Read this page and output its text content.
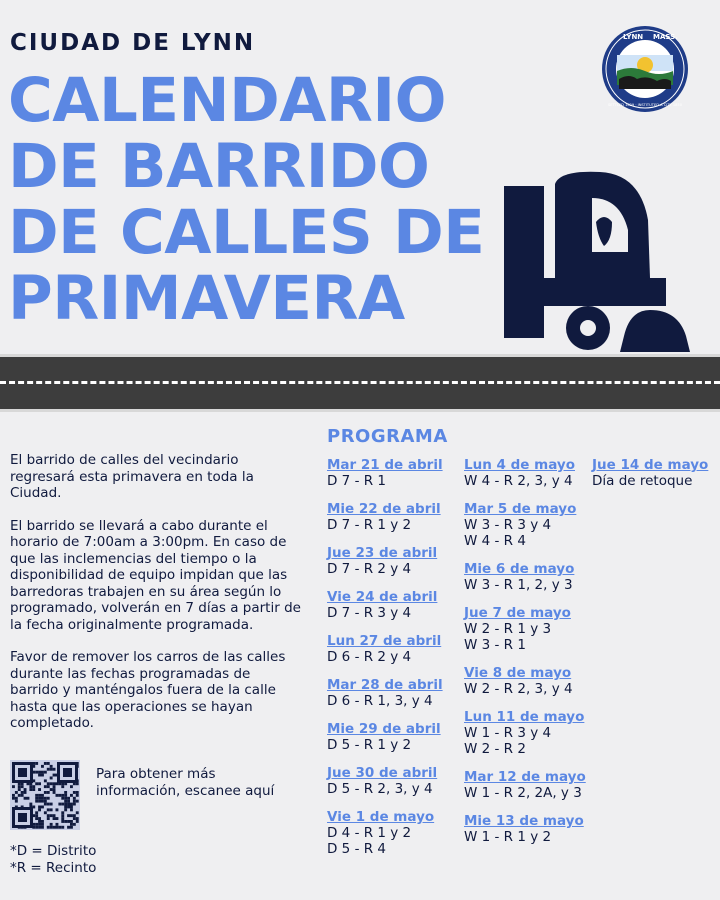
CIUDAD DE LYNN
CALENDARIO
DE BARRIDO
DE CALLES DE
PRIMAVERA
LYNN MASS.
SETTLED 1629 · INSTITUTED A CITY 1850

El barrido de calles del vecindario regresará esta primavera en toda la Ciudad.

El barrido se llevará a cabo durante el horario de 7:00am a 3:00pm. En caso de que las inclemencias del tiempo o la disponibilidad de equipo impidan que las barredoras trabajen en su área según lo programado, volverán en 7 días a partir de la fecha originalmente programada.

Favor de remover los carros de las calles durante las fechas programadas de barrido y manténgalos fuera de la calle hasta que las operaciones se hayan completado.

Para obtener más información, escanee aquí
*D = Distrito
*R = Recinto
PROGRAMA
Mar 21 de abril
D 7 - R 1
Mie 22 de abril
D 7 - R 1 y 2
Jue 23 de abril
D 7 - R 2 y 4
Vie 24 de abril
D 7 - R 3 y 4
Lun 27 de abril
D 6 - R 2 y 4
Mar 28 de abril
D 6 - R 1, 3, y 4
Mie 29 de abril
D 5 - R 1 y 2
Jue 30 de abril
D 5 - R 2, 3, y 4
Vie 1 de mayo
D 4 - R 1 y 2
D 5 - R 4
Lun 4 de mayo
W 4 - R 2, 3, y 4
Mar 5 de mayo
W 3 - R 3 y 4
W 4 - R 4
Mie 6 de mayo
W 3 - R 1, 2, y 3
Jue 7 de mayo
W 2 - R 1 y 3
W 3 - R 1
Vie 8 de mayo
W 2 - R 2, 3, y 4
Lun 11 de mayo
W 1 - R 3 y 4
W 2 - R 2
Mar 12 de mayo
W 1 - R 2, 2A, y 3
Mie 13 de mayo
W 1 - R 1 y 2
Jue 14 de mayo
Día de retoque
